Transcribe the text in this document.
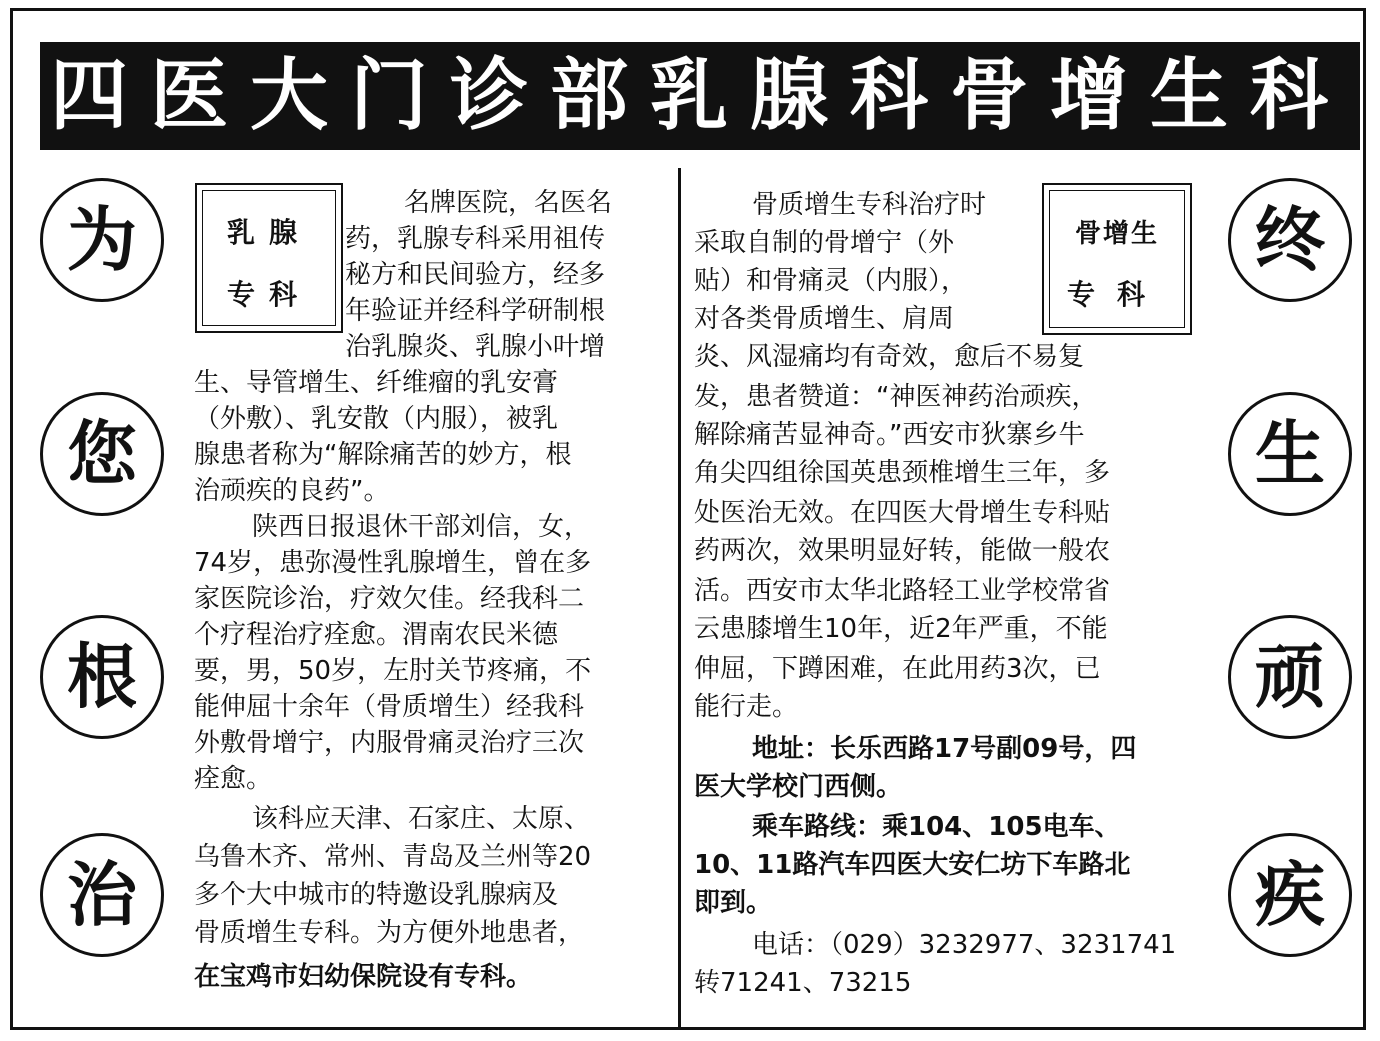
四医大门诊部乳腺科骨增生科
为
您
根
治
终
生
顽
疾
乳腺
专科
骨增生
专科
名牌医院，名医名
药，乳腺专科采用祖传
秘方和民间验方，经多
年验证并经科学研制根
治乳腺炎、乳腺小叶增
生、导管增生、纤维瘤的乳安膏
（外敷）、乳安散（内服），被乳
腺患者称为“解除痛苦的妙方，根
治顽疾的良药”。
陕西日报退休干部刘信，女，
74岁，患弥漫性乳腺增生，曾在多
家医院诊治，疗效欠佳。经我科二
个疗程治疗痊愈。渭南农民米德
要，男，50岁，左肘关节疼痛，不
能伸屈十余年（骨质增生）经我科
外敷骨增宁，内服骨痛灵治疗三次
痊愈。
该科应天津、石家庄、太原、
乌鲁木齐、常州、青岛及兰州等20
多个大中城市的特邀设乳腺病及
骨质增生专科。为方便外地患者，
在宝鸡市妇幼保院设有专科。
骨质增生专科治疗时
采取自制的骨增宁（外
贴）和骨痛灵（内服），
对各类骨质增生、肩周
炎、风湿痛均有奇效，愈后不易复
发，患者赞道：“神医神药治顽疾，
解除痛苦显神奇。”西安市狄寨乡牛
角尖四组徐国英患颈椎增生三年，多
处医治无效。在四医大骨增生专科贴
药两次，效果明显好转，能做一般农
活。西安市太华北路轻工业学校常省
云患膝增生10年，近2年严重，不能
伸屈，下蹲困难，在此用药3次，已
能行走。
地址：长乐西路17号副09号，四
医大学校门西侧。
乘车路线：乘104、105电车、
10、11路汽车四医大安仁坊下车路北
即到。
电话：（029）3232977、3231741
转71241、73215
